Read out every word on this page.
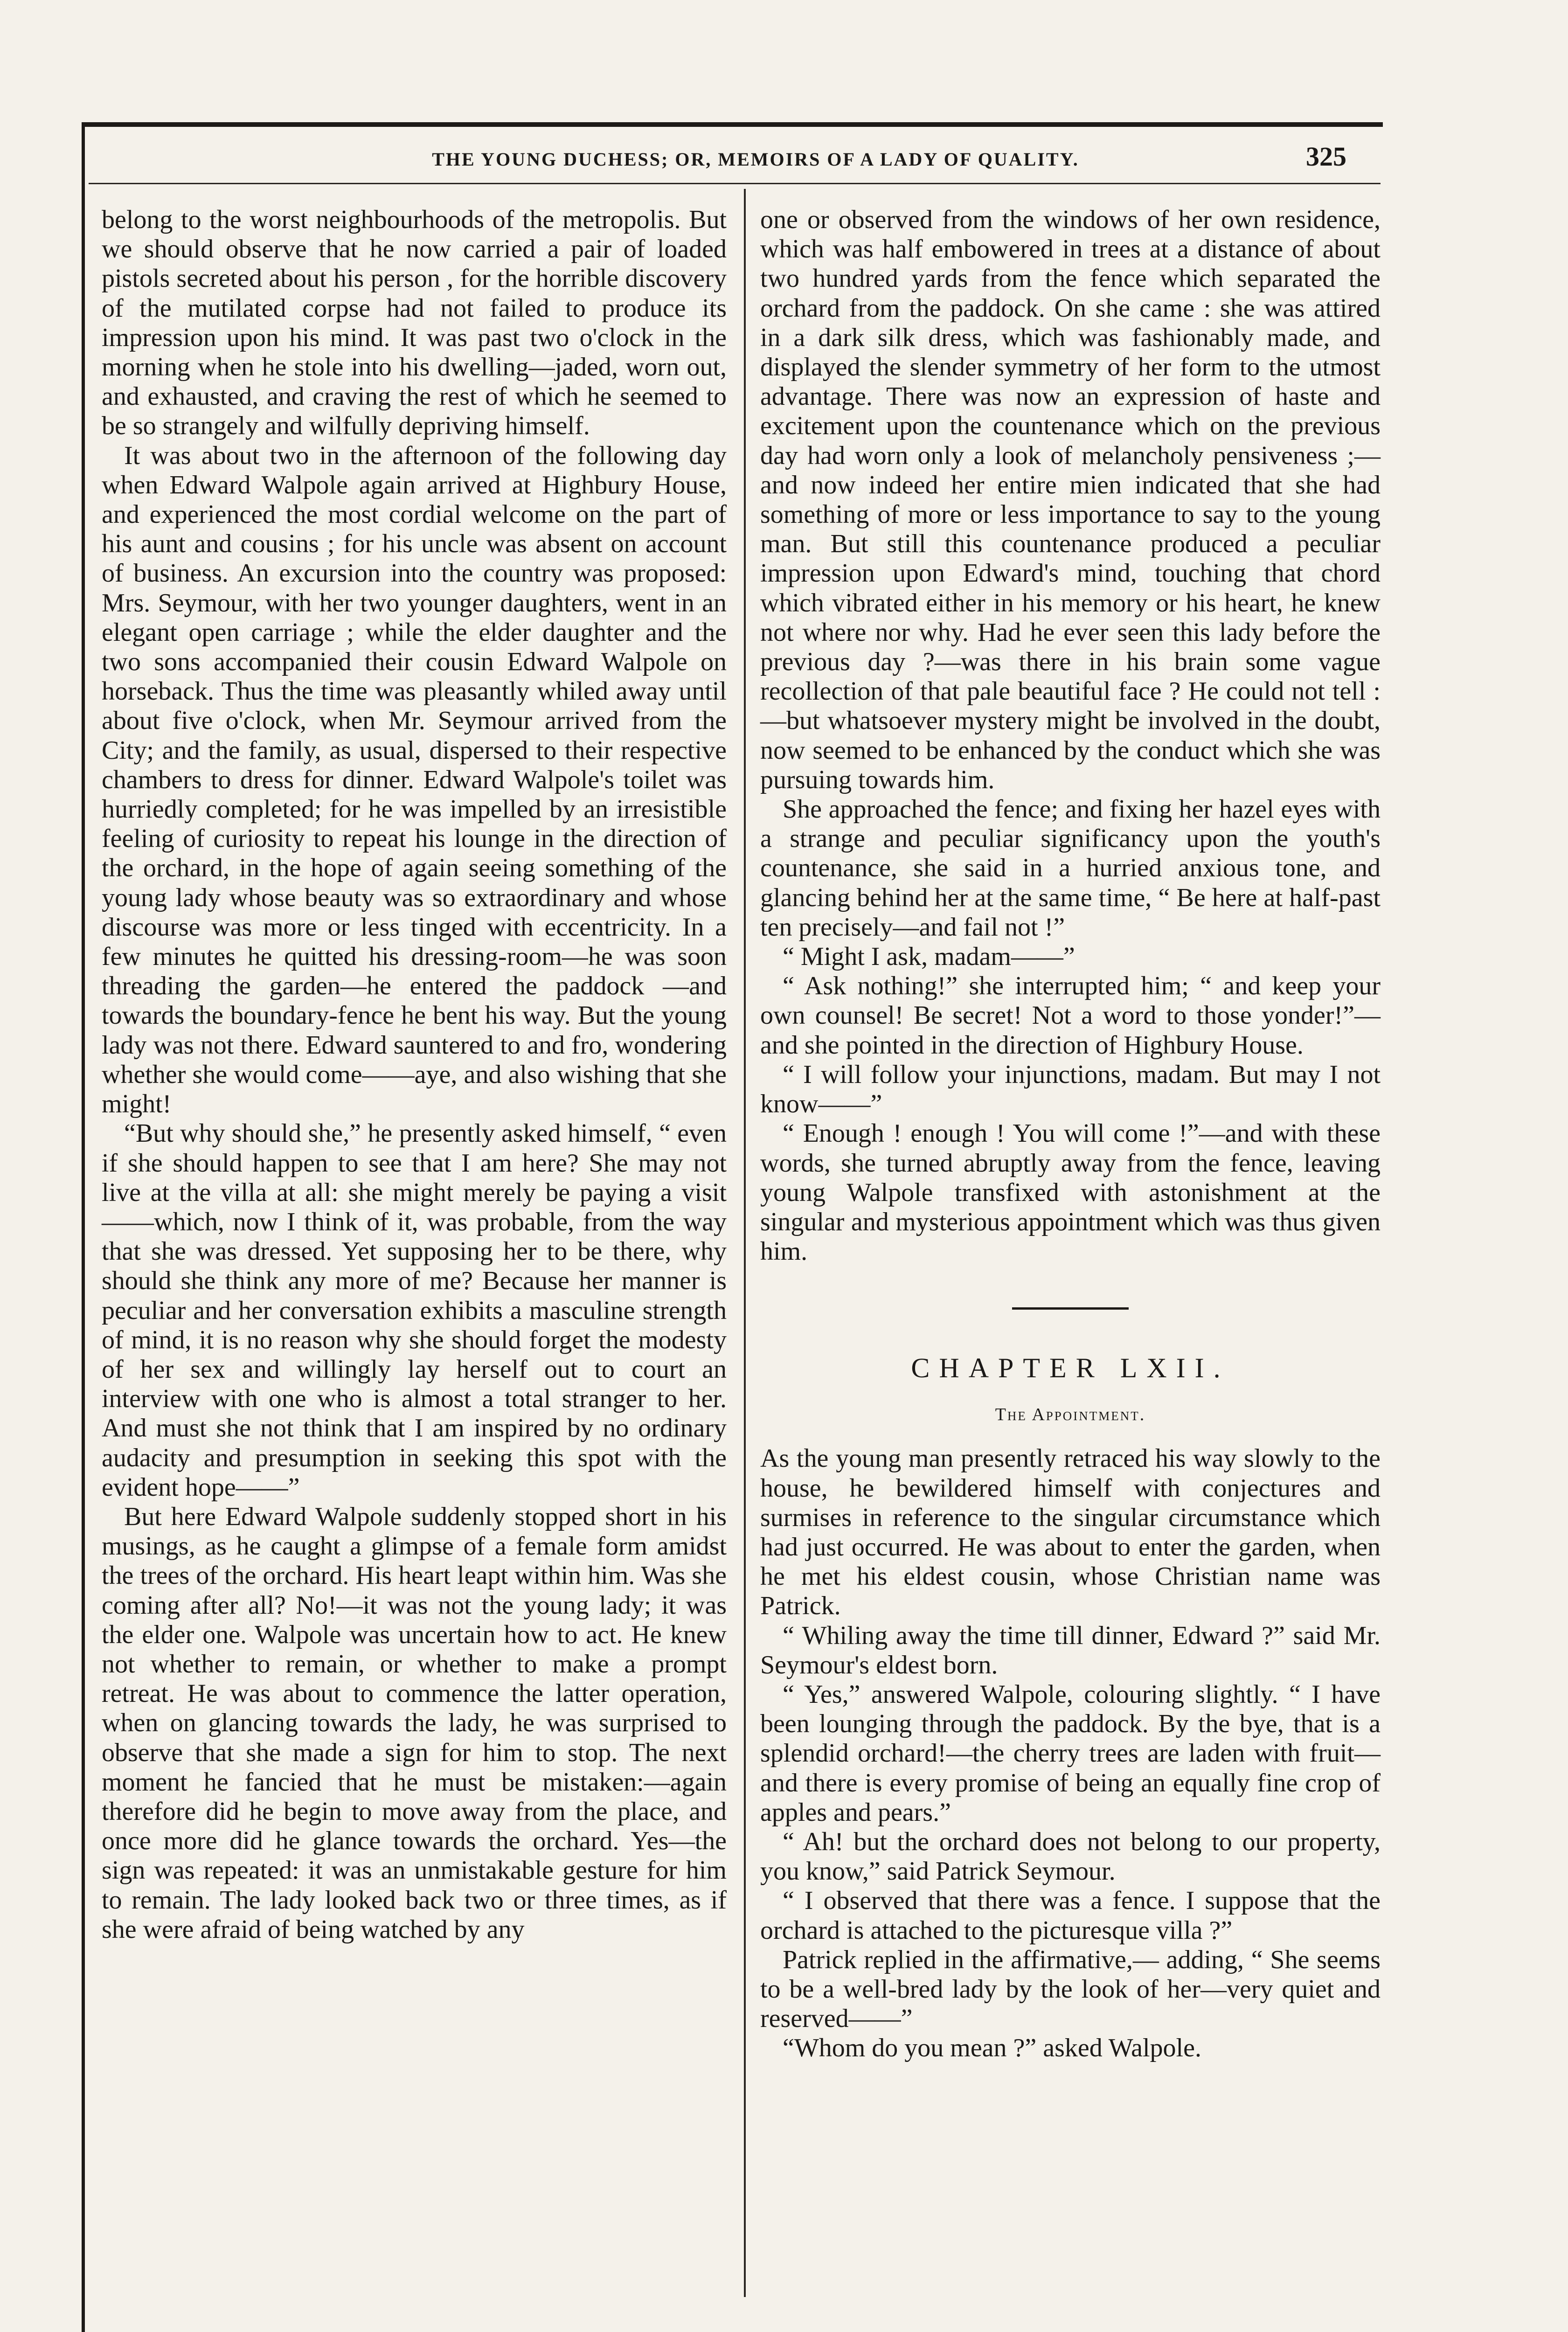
THE YOUNG DUCHESS; OR, MEMOIRS OF A LADY OF QUALITY.	325

belong to the worst neighbourhoods of the metropolis. But we should observe that he now carried a pair of loaded pistols secreted about his person , for the horrible discovery of the mutilated corpse had not failed to produce its impression upon his mind. It was past two o'clock in the morning when he stole into his dwelling—jaded, worn out, and exhausted, and craving the rest of which he seemed to be so strangely and wilfully depriving himself.

It was about two in the afternoon of the following day when Edward Walpole again arrived at Highbury House, and experienced the most cordial welcome on the part of his aunt and cousins ; for his uncle was absent on account of business. An excursion into the country was proposed: Mrs. Seymour, with her two younger daughters, went in an elegant open carriage ; while the elder daughter and the two sons accompanied their cousin Edward Walpole on horseback. Thus the time was pleasantly whiled away until about five o'clock, when Mr. Seymour arrived from the City; and the family, as usual, dispersed to their respective chambers to dress for dinner. Edward Walpole's toilet was hurriedly completed; for he was impelled by an irresistible feeling of curiosity to repeat his lounge in the direction of the orchard, in the hope of again seeing something of the young lady whose beauty was so extraordinary and whose discourse was more or less tinged with eccentricity. In a few minutes he quitted his dressing-room—he was soon threading the garden—he entered the paddock —and towards the boundary-fence he bent his way. But the young lady was not there. Edward sauntered to and fro, wondering whether she would come——aye, and also wishing that she might!

“But why should she,” he presently asked himself, “ even if she should happen to see that I am here? She may not live at the villa at all: she might merely be paying a visit——which, now I think of it, was probable, from the way that she was dressed. Yet supposing her to be there, why should she think any more of me? Because her manner is peculiar and her conversation exhibits a masculine strength of mind, it is no reason why she should forget the modesty of her sex and willingly lay herself out to court an interview with one who is almost a total stranger to her. And must she not think that I am inspired by no ordinary audacity and presumption in seeking this spot with the evident hope——”

But here Edward Walpole suddenly stopped short in his musings, as he caught a glimpse of a female form amidst the trees of the orchard. His heart leapt within him. Was she coming after all? No!—it was not the young lady; it was the elder one. Walpole was uncertain how to act. He knew not whether to remain, or whether to make a prompt retreat. He was about to commence the latter operation, when on glancing towards the lady, he was surprised to observe that she made a sign for him to stop. The next moment he fancied that he must be mistaken:—again therefore did he begin to move away from the place, and once more did he glance towards the orchard. Yes—the sign was repeated: it was an unmistakable gesture for him to remain. The lady looked back two or three times, as if she were afraid of being watched by any

one or observed from the windows of her own residence, which was half embowered in trees at a distance of about two hundred yards from the fence which separated the orchard from the paddock. On she came : she was attired in a dark silk dress, which was fashionably made, and displayed the slender symmetry of her form to the utmost advantage. There was now an expression of haste and excitement upon the countenance which on the previous day had worn only a look of melancholy pensiveness ;—and now indeed her entire mien indicated that she had something of more or less importance to say to the young man. But still this countenance produced a peculiar impression upon Edward's mind, touching that chord which vibrated either in his memory or his heart, he knew not where nor why. Had he ever seen this lady before the previous day ?—was there in his brain some vague recollection of that pale beautiful face ? He could not tell :—but whatsoever mystery might be involved in the doubt, now seemed to be enhanced by the conduct which she was pursuing towards him.

She approached the fence; and fixing her hazel eyes with a strange and peculiar significancy upon the youth's countenance, she said in a hurried anxious tone, and glancing behind her at the same time, “ Be here at half-past ten precisely—and fail not !”

“ Might I ask, madam——”

“ Ask nothing!” she interrupted him; “ and keep your own counsel! Be secret! Not a word to those yonder!”—and she pointed in the direction of Highbury House.

“ I will follow your injunctions, madam. But may I not know——”

“ Enough ! enough ! You will come !”—and with these words, she turned abruptly away from the fence, leaving young Walpole transfixed with astonishment at the singular and mysterious appointment which was thus given him.

CHAPTER LXII.
The Appointment.

As the young man presently retraced his way slowly to the house, he bewildered himself with conjectures and surmises in reference to the singular circumstance which had just occurred. He was about to enter the garden, when he met his eldest cousin, whose Christian name was Patrick.

“ Whiling away the time till dinner, Edward ?” said Mr. Seymour's eldest born.

“ Yes,” answered Walpole, colouring slightly. “ I have been lounging through the paddock. By the bye, that is a splendid orchard!—the cherry trees are laden with fruit—and there is every promise of being an equally fine crop of apples and pears.”

“ Ah! but the orchard does not belong to our property, you know,” said Patrick Seymour.

“ I observed that there was a fence. I suppose that the orchard is attached to the picturesque villa ?”

Patrick replied in the affirmative,— adding, “ She seems to be a well-bred lady by the look of her—very quiet and reserved——”

“Whom do you mean ?” asked Walpole.
